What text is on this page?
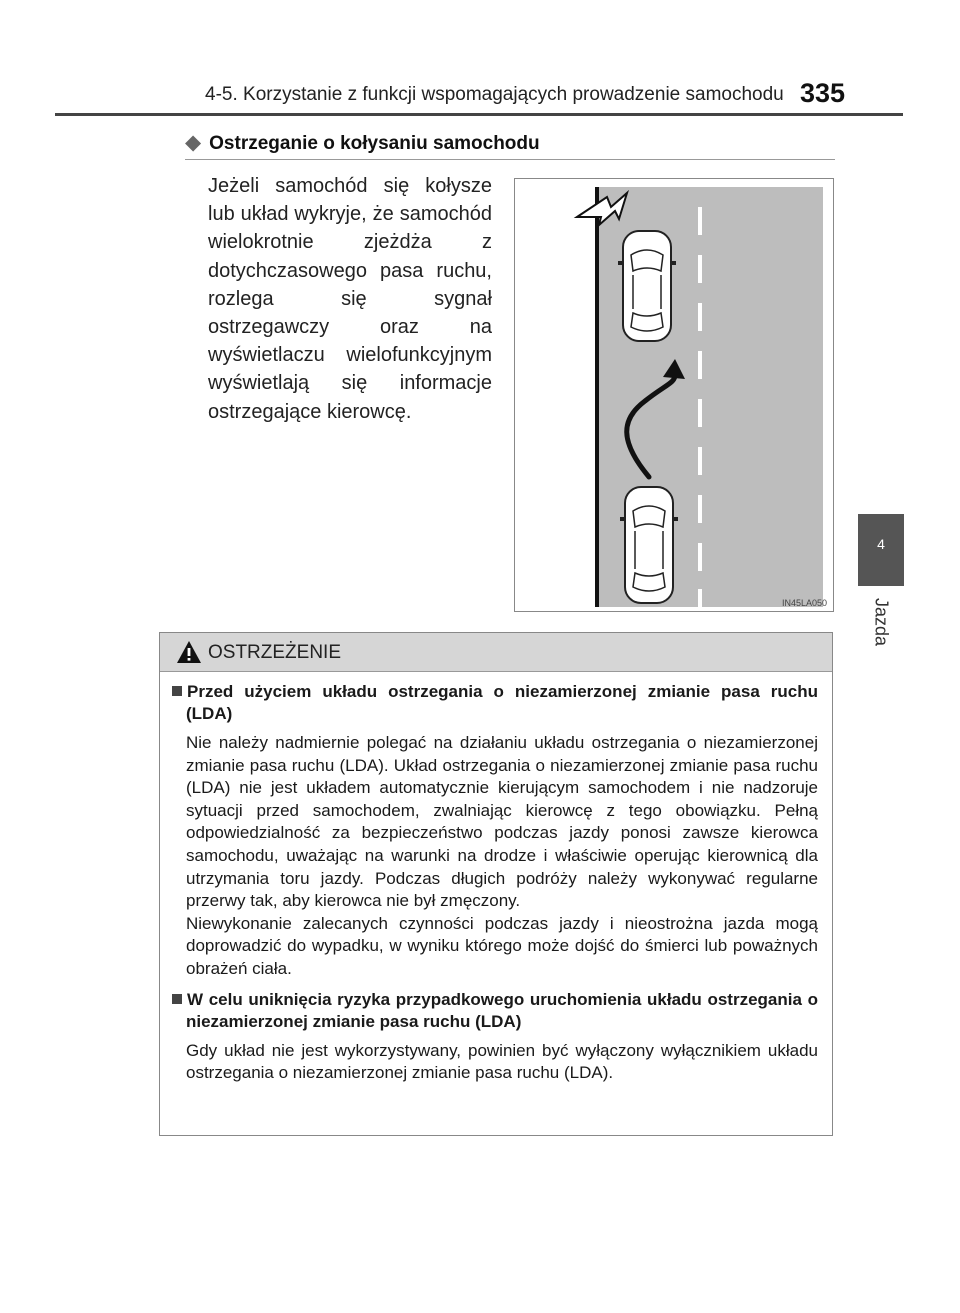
4-5. Korzystanie z funkcji wspomagających prowadzenie samochodu 335
4
Jazda
◆ Ostrzeganie o kołysaniu samochodu
Jeżeli samochód się kołysze lub układ wykryje, że samochód wielokrotnie zjeżdża z dotychczasowego pasa ruchu, rozlega się sygnał ostrzegawczy oraz na wyświetlaczu wielofunkcyjnym wyświetlają się informacje ostrzegające kierowcę.
IN45LA050
OSTRZEŻENIE
Przed użyciem układu ostrzegania o niezamierzonej zmianie pasa ruchu (LDA)
Nie należy nadmiernie polegać na działaniu układu ostrzegania o niezamierzonej zmianie pasa ruchu (LDA). Układ ostrzegania o niezamierzonej zmianie pasa ruchu (LDA) nie jest układem automatycznie kierującym samochodem i nie nadzoruje sytuacji przed samochodem, zwalniając kierowcę z tego obowiązku. Pełną odpowiedzialność za bezpieczeństwo podczas jazdy ponosi zawsze kierowca samochodu, uważając na warunki na drodze i właściwie operując kierownicą dla utrzymania toru jazdy. Podczas długich podróży należy wykonywać regularne przerwy tak, aby kierowca nie był zmęczony.
Niewykonanie zalecanych czynności podczas jazdy i nieostrożna jazda mogą doprowadzić do wypadku, w wyniku którego może dojść do śmierci lub poważnych obrażeń ciała.
W celu uniknięcia ryzyka przypadkowego uruchomienia układu ostrzegania o niezamierzonej zmianie pasa ruchu (LDA)
Gdy układ nie jest wykorzystywany, powinien być wyłączony wyłącznikiem układu ostrzegania o niezamierzonej zmianie pasa ruchu (LDA).
